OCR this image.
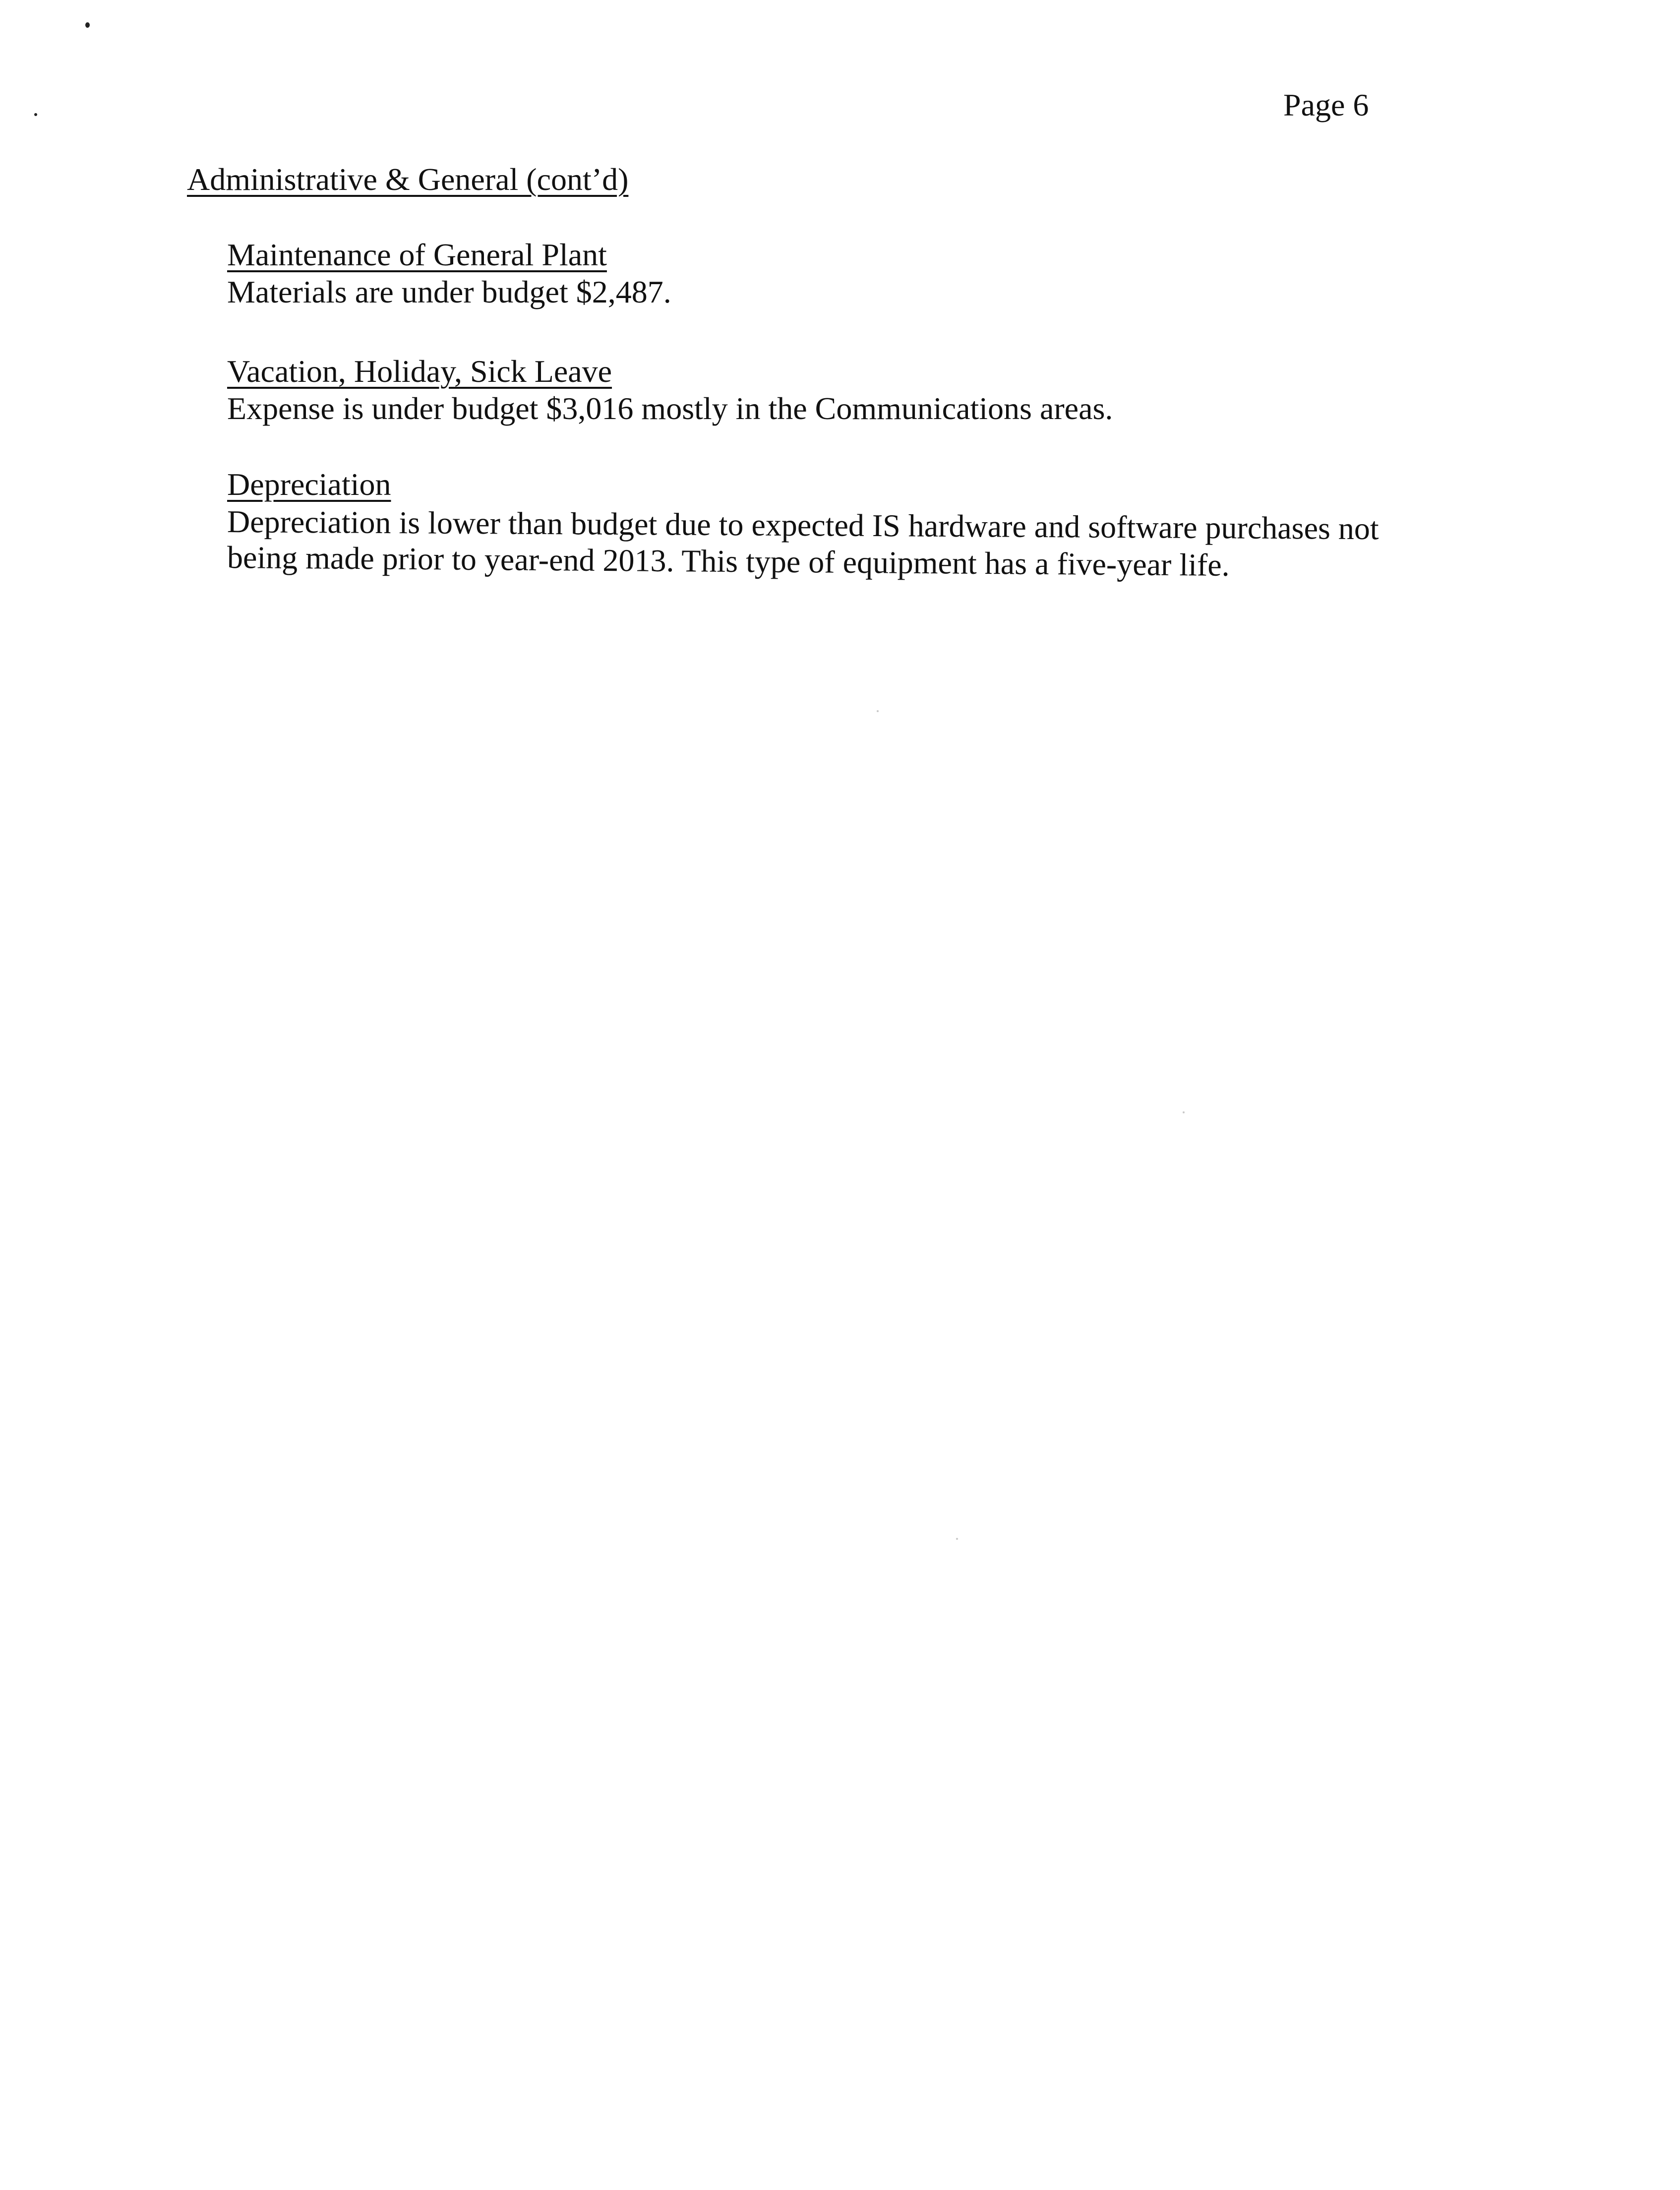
Page 6
Administrative & General (cont’d)
Maintenance of General Plant
Materials are under budget $2,487.
Vacation, Holiday, Sick Leave
Expense is under budget $3,016 mostly in the Communications areas.
Depreciation
Depreciation is lower than budget due to expected IS hardware and software purchases not
being made prior to year-end 2013. This type of equipment has a five-year life.
